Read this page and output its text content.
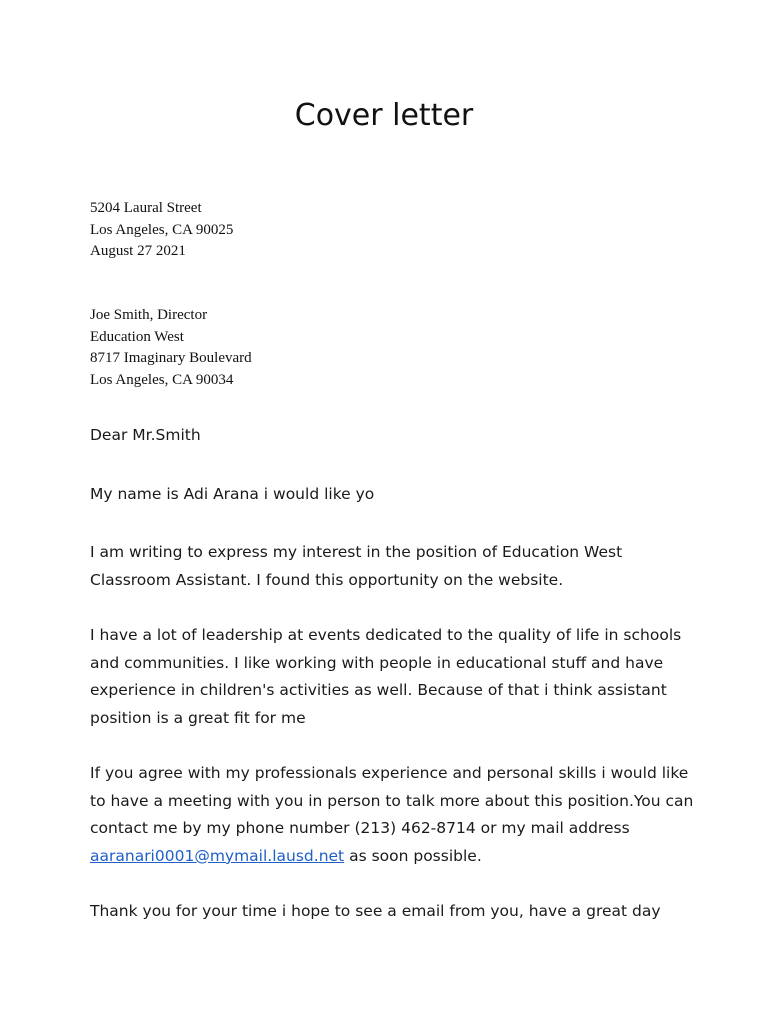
Cover letter
5204 Laural Street
Los Angeles, CA 90025
August 27 2021
Joe Smith, Director
Education West
8717 Imaginary Boulevard
Los Angeles, CA 90034

Dear Mr.Smith

My name is Adi Arana i would like yo

I am writing to express my interest in the position of Education West Classroom Assistant. I found this opportunity on the website.

I have a lot of leadership at events dedicated to the quality of life in schools and communities. I like working with people in educational stuff and have experience in children's activities as well. Because of that i think assistant position is a great fit for me

If you agree with my professionals experience and personal skills i would like to have a meeting with you in person to talk more about this position.You can contact me by my phone number (213) 462-8714 or my mail address aaranari0001@mymail.lausd.net as soon possible.

Thank you for your time i hope to see a email from you, have a great day
